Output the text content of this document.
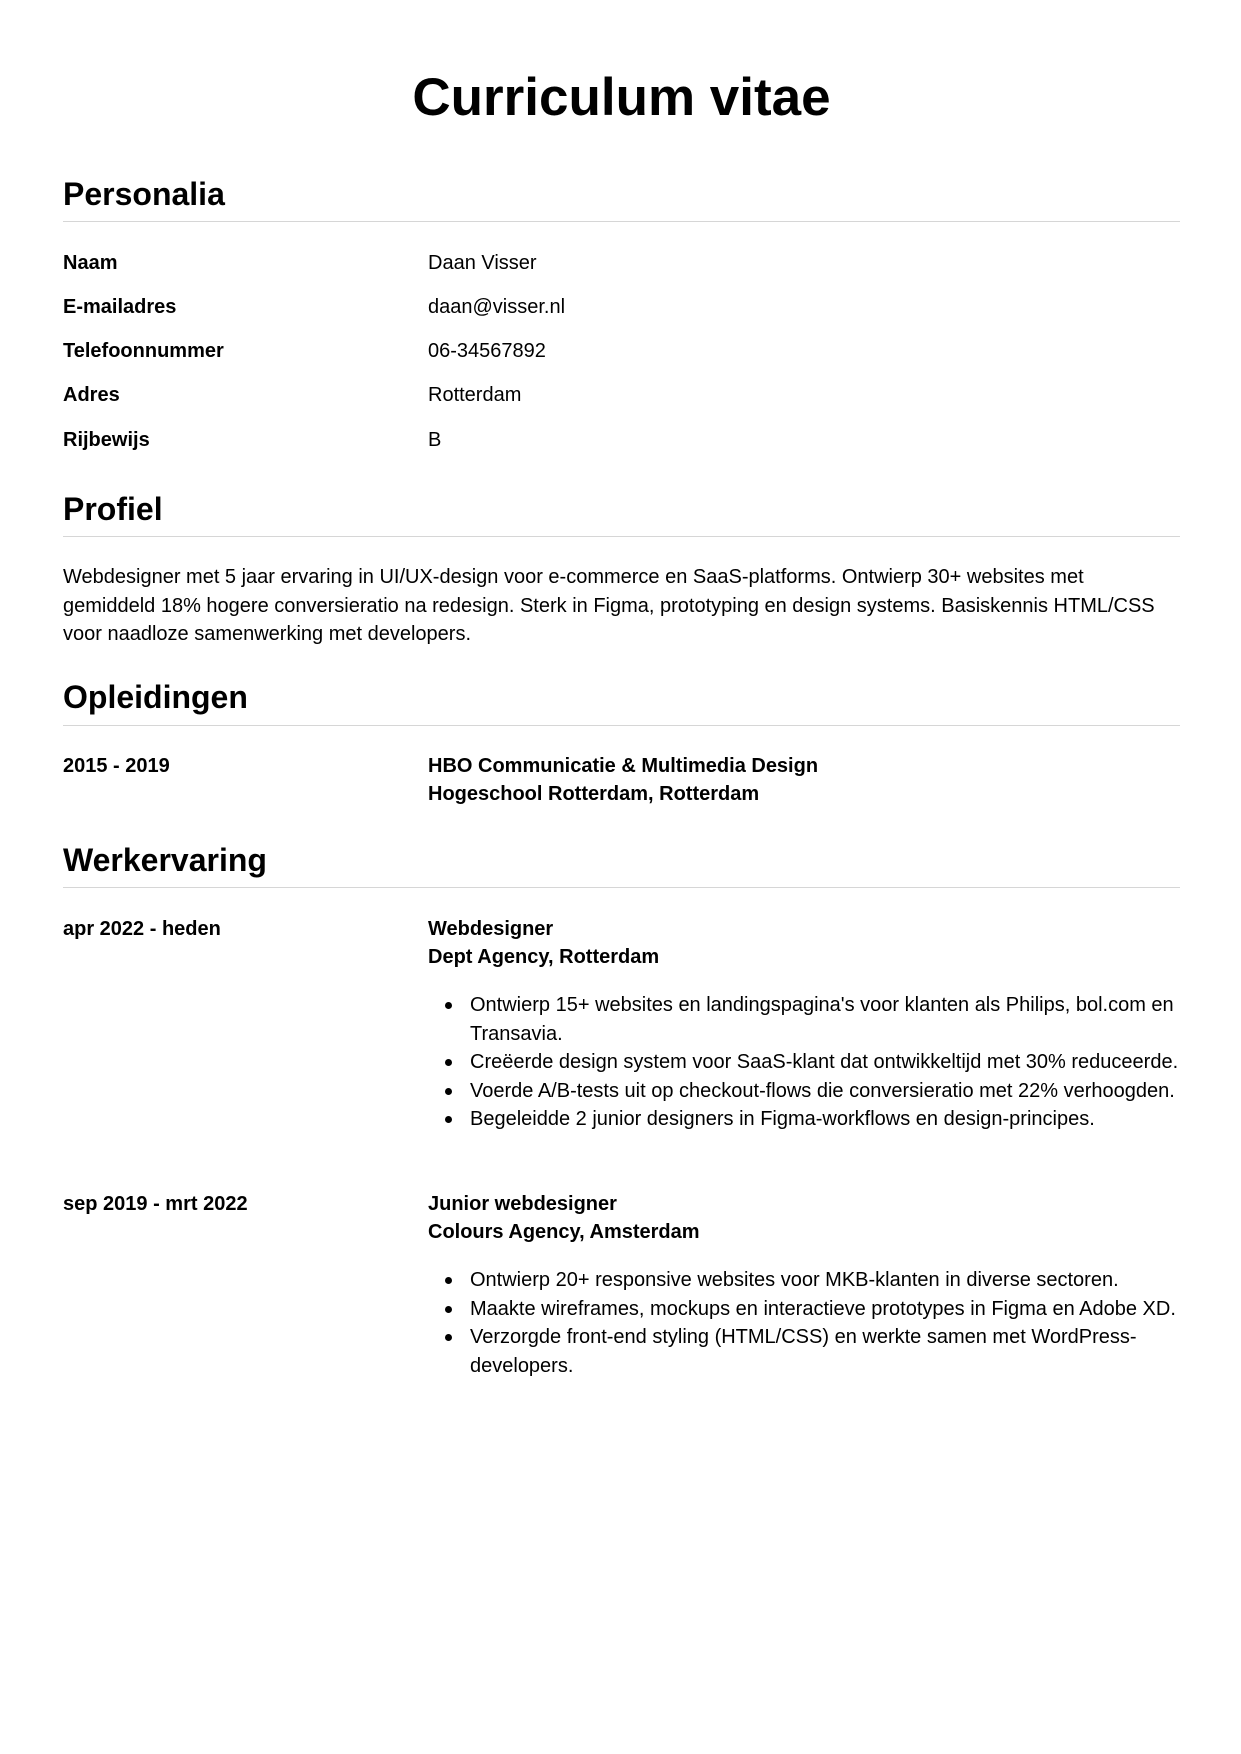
Curriculum vitae
Personalia
Naam	Daan Visser
E-mailadres	daan@visser.nl
Telefoonnummer	06-34567892
Adres	Rotterdam
Rijbewijs	B
Profiel

Webdesigner met 5 jaar ervaring in UI/UX-design voor e-commerce en SaaS-platforms. Ontwierp 30+ websites met gemiddeld 18% hogere conversieratio na redesign. Sterk in Figma, prototyping en design systems. Basiskennis HTML/CSS voor naadloze samenwerking met developers.

Opleidingen
2015 - 2019	HBO Communicatie & Multimedia Design
Hogeschool Rotterdam, Rotterdam
Werkervaring
apr 2022 - heden	Webdesigner
Dept Agency, Rotterdam
Ontwierp 15+ websites en landingspagina's voor klanten als Philips, bol.com en Transavia.
Creëerde design system voor SaaS-klant dat ontwikkeltijd met 30% reduceerde.
Voerde A/B-tests uit op checkout-flows die conversieratio met 22% verhoogden.
Begeleidde 2 junior designers in Figma-workflows en design-principes.
sep 2019 - mrt 2022	Junior webdesigner
Colours Agency, Amsterdam
Ontwierp 20+ responsive websites voor MKB-klanten in diverse sectoren.
Maakte wireframes, mockups en interactieve prototypes in Figma en Adobe XD.
Verzorgde front-end styling (HTML/CSS) en werkte samen met WordPress-developers.
